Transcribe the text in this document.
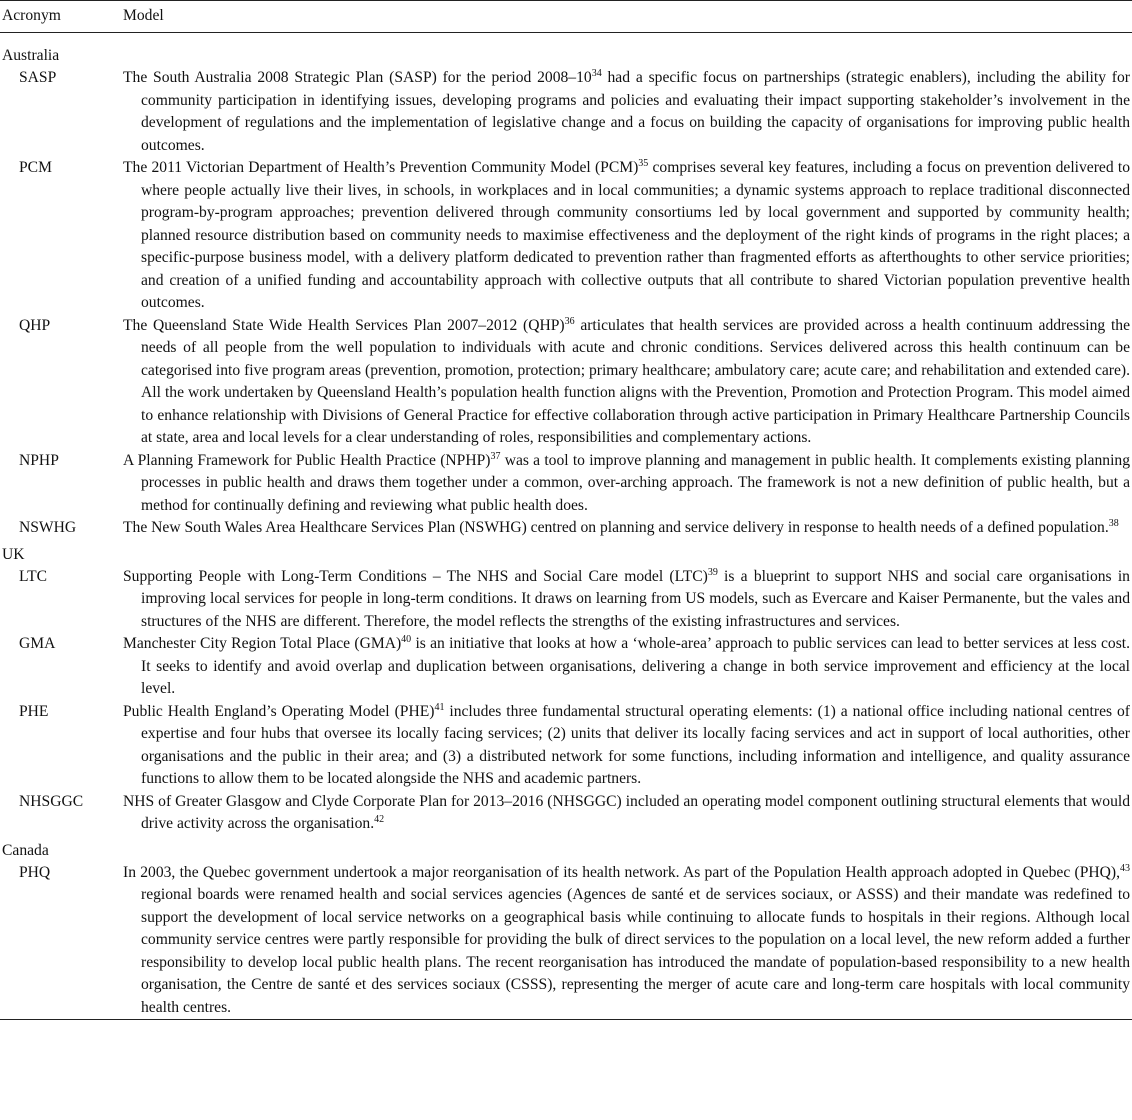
Acronym	Model
Australia
SASP	The South Australia 2008 Strategic Plan (SASP) for the period $2008-10^{34}$ had a specific focus on partnerships (strategic enablers), including the ability for community participation in identifying issues, developing programs and policies and evaluating their impact supporting stakeholder’s involvement in the development of regulations and the implementation of legislative change and a focus on building the capacity of organisations for improving public health outcomes.
PCM	The 2011 Victorian Department of Health’s Prevention Community Model (PCM)$^{35}$ comprises several key features, including a focus on prevention delivered to where people actually live their lives, in schools, in workplaces and in local communities; a dynamic systems approach to replace traditional disconnected program-by-program approaches; prevention delivered through community consortiums led by local government and supported by community health; planned resource distribution based on community needs to maximise effectiveness and the deployment of the right kinds of programs in the right places; a specific-purpose business model, with a delivery platform dedicated to prevention rather than fragmented efforts as afterthoughts to other service priorities; and creation of a unified funding and accountability approach with collective outputs that all contribute to shared Victorian population preventive health outcomes.
QHP	The Queensland State Wide Health Services Plan 2007–2012 (QHP)$^{36}$ articulates that health services are provided across a health continuum addressing the needs of all people from the well population to individuals with acute and chronic conditions. Services delivered across this health continuum can be categorised into five program areas (prevention, promotion, protection; primary healthcare; ambulatory care; acute care; and rehabilitation and extended care). All the work undertaken by Queensland Health’s population health function aligns with the Prevention, Promotion and Protection Program. This model aimed to enhance relationship with Divisions of General Practice for effective collaboration through active participation in Primary Healthcare Partnership Councils at state, area and local levels for a clear understanding of roles, responsibilities and complementary actions.
NPHP	A Planning Framework for Public Health Practice (NPHP)$^{37}$ was a tool to improve planning and management in public health. It complements existing planning processes in public health and draws them together under a common, over-arching approach. The framework is not a new definition of public health, but a method for continually defining and reviewing what public health does.
NSWHG	The New South Wales Area Healthcare Services Plan (NSWHG) centred on planning and service delivery in response to health needs of a defined population.$^{38}$
UK
LTC	Supporting People with Long-Term Conditions – The NHS and Social Care model (LTC)$^{39}$ is a blueprint to support NHS and social care organisations in improving local services for people in long-term conditions. It draws on learning from US models, such as Evercare and Kaiser Permanente, but the vales and structures of the NHS are different. Therefore, the model reflects the strengths of the existing infrastructures and services.
GMA	Manchester City Region Total Place (GMA)$^{40}$ is an initiative that looks at how a ‘whole-area’ approach to public services can lead to better services at less cost. It seeks to identify and avoid overlap and duplication between organisations, delivering a change in both service improvement and efficiency at the local level.
PHE	Public Health England’s Operating Model (PHE)$^{41}$ includes three fundamental structural operating elements: (1) a national office including national centres of expertise and four hubs that oversee its locally facing services; (2) units that deliver its locally facing services and act in support of local authorities, other organisations and the public in their area; and (3) a distributed network for some functions, including information and intelligence, and quality assurance functions to allow them to be located alongside the NHS and academic partners.
NHSGGC	NHS of Greater Glasgow and Clyde Corporate Plan for 2013–2016 (NHSGGC) included an operating model component outlining structural elements that would drive activity across the organisation.$^{42}$
Canada
PHQ	In 2003, the Quebec government undertook a major reorganisation of its health network. As part of the Population Health approach adopted in Quebec (PHQ),$^{43}$ regional boards were renamed health and social services agencies (Agences de santé et de services sociaux, or ASSS) and their mandate was redefined to support the development of local service networks on a geographical basis while continuing to allocate funds to hospitals in their regions. Although local community service centres were partly responsible for providing the bulk of direct services to the population on a local level, the new reform added a further responsibility to develop local public health plans. The recent reorganisation has introduced the mandate of population-based responsibility to a new health organisation, the Centre de santé et des services sociaux (CSSS), representing the merger of acute care and long-term care hospitals with local community health centres.
